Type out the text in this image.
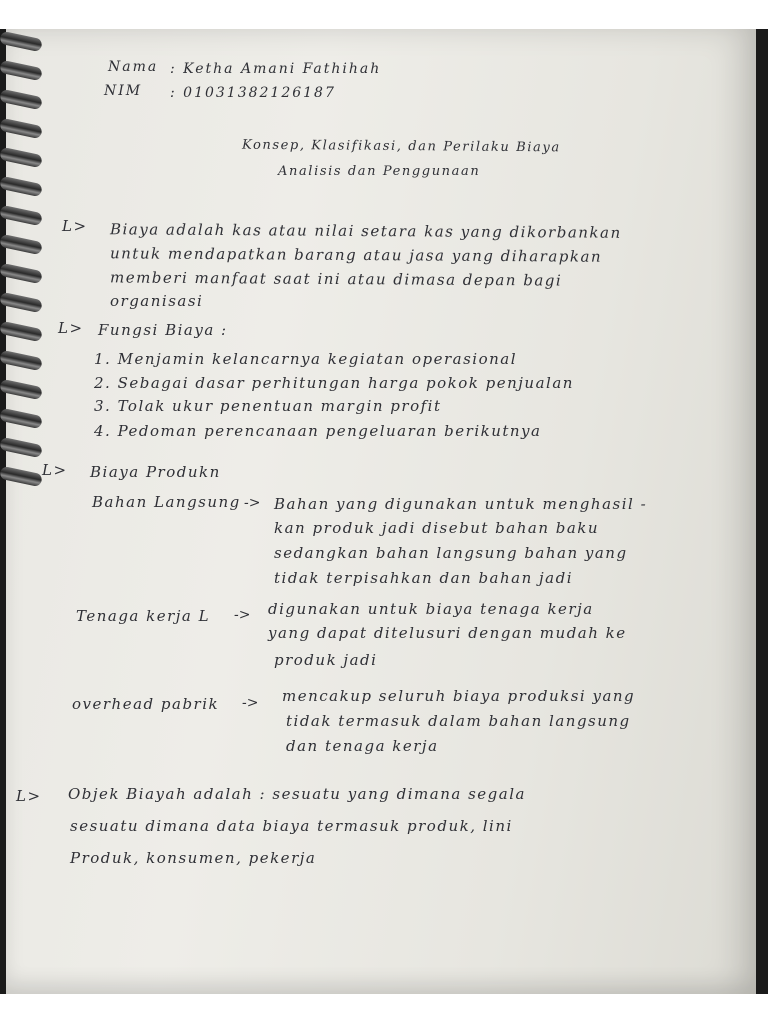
Nama : Ketha Amani Fathihah
NIM : 01031382126187
Konsep, Klasifikasi, dan Perilaku Biaya
Analisis dan Penggunaan
L> Biaya adalah kas atau nilai setara kas yang dikorbankan
untuk mendapatkan barang atau jasa yang diharapkan
memberi manfaat saat ini atau dimasa depan bagi
organisasi
L> Fungsi Biaya :
1. Menjamin kelancarnya kegiatan operasional
2. Sebagai dasar perhitungan harga pokok penjualan
3. Tolak ukur penentuan margin profit
4. Pedoman perencanaan pengeluaran berikutnya
L> Biaya Produkn
Bahan Langsung -> Bahan yang digunakan untuk menghasil -
kan produk jadi disebut bahan baku
sedangkan bahan langsung bahan yang
tidak terpisahkan dan bahan jadi
Tenaga kerja L -> digunakan untuk biaya tenaga kerja
yang dapat ditelusuri dengan mudah ke
produk jadi
overhead pabrik -> mencakup seluruh biaya produksi yang
tidak termasuk dalam bahan langsung
dan tenaga kerja
L> Objek Biayah adalah : sesuatu yang dimana segala
sesuatu dimana data biaya termasuk produk, lini
Produk, konsumen, pekerja
